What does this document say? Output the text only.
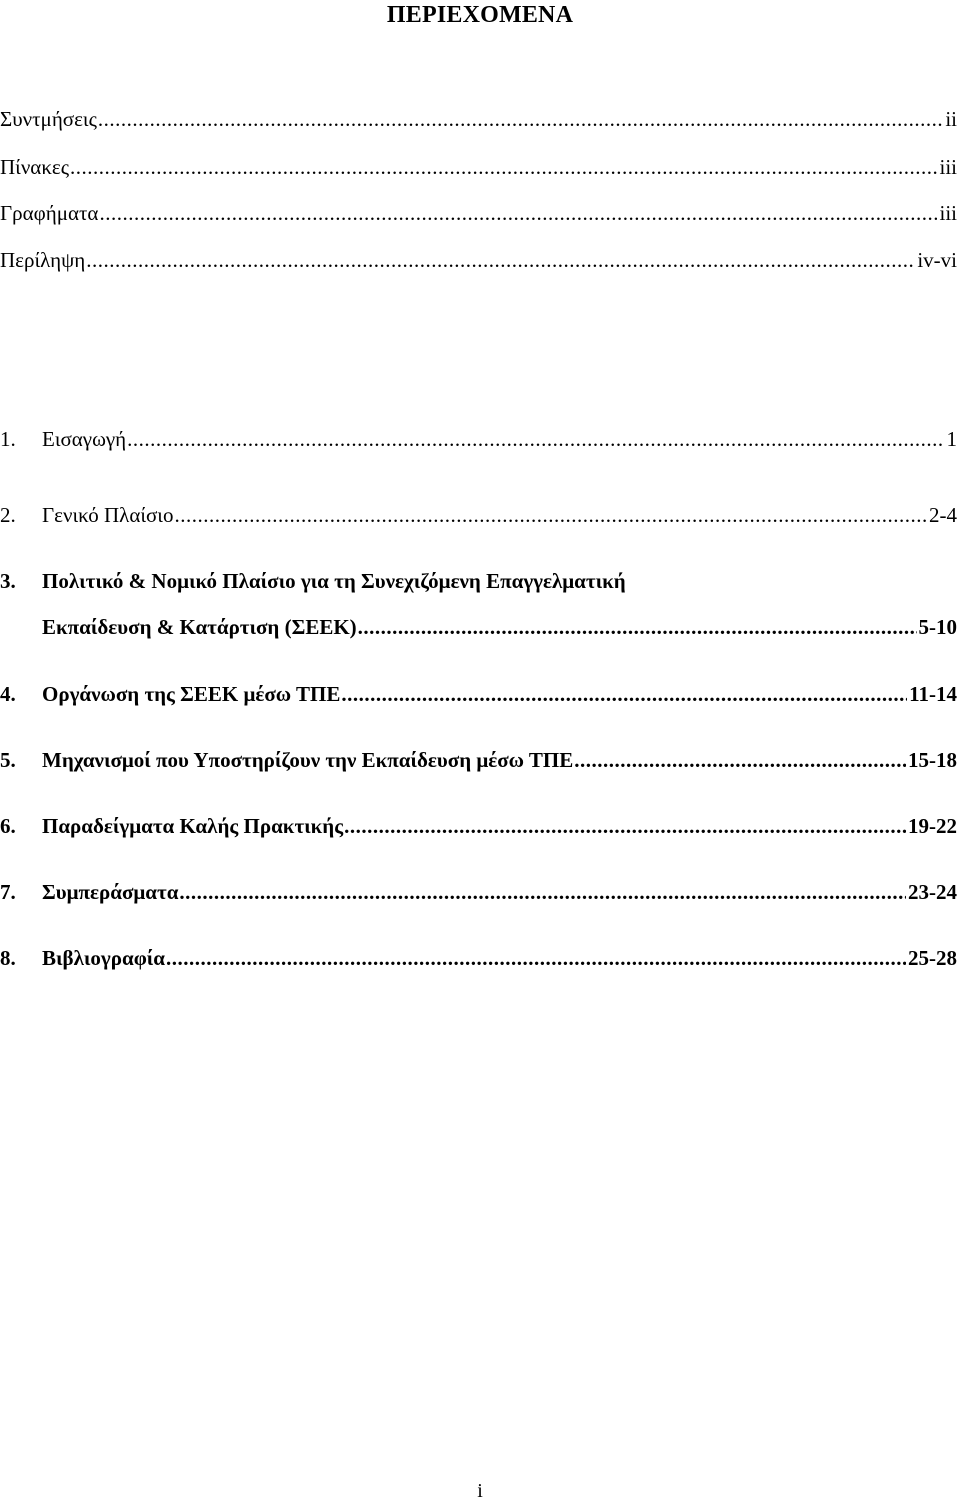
ΠΕΡΙΕΧΟΜΕΝΑ
Συντμήσεις .....	ii
Πίνακες .....	iii
Γραφήματα .....	iii
Περίληψη .....	iv-vi
1.	Εισαγωγή .....	1
2.	Γενικό Πλαίσιο .....	2-4
3.	Πολιτικό & Νομικό Πλαίσιο για τη Συνεχιζόμενη Επαγγελματική
Εκπαίδευση & Κατάρτιση (ΣΕΕΚ) .....	5-10
4.	Οργάνωση της ΣΕΕΚ μέσω ΤΠΕ .....	11-14
5.	Μηχανισμοί που Υποστηρίζουν την Εκπαίδευση μέσω ΤΠΕ .....	15-18
6.	Παραδείγματα Καλής Πρακτικής .....	19-22
7.	Συμπεράσματα .....	23-24
8.	Βιβλιογραφία .....	25-28
i
